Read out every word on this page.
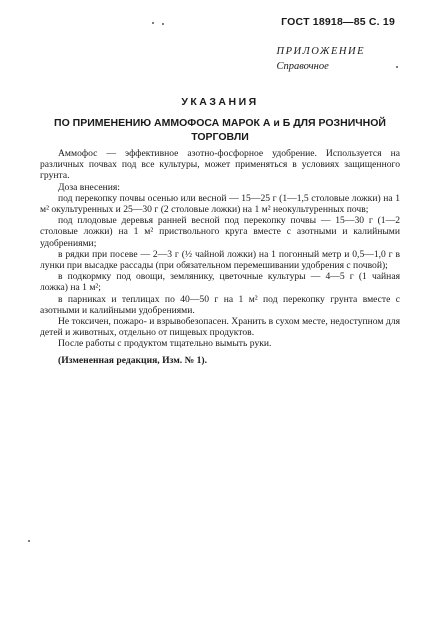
ГОСТ 18918—85 С. 19
ПРИЛОЖЕНИЕ
Справочное
УКАЗАНИЯ
ПО ПРИМЕНЕНИЮ АММОФОСА МАРОК А и Б ДЛЯ РОЗНИЧНОЙ ТОРГОВЛИ

Аммофос — эффективное азотно-фосфорное удобрение. Используется на различных почвах под все культуры, может применяться в условиях защищенного грунта.

Доза внесения:

под перекопку почвы осенью или весной — 15—25 г (1—1,5 столовые ложки) на 1 м² окультуренных и 25—30 г (2 столовые ложки) на 1 м² неокультуренных почв;

под плодовые деревья ранней весной под перекопку почвы — 15—30 г (1—2 столовые ложки) на 1 м² приствольного круга вместе с азотными и калийными удобрениями;

в рядки при посеве — 2—3 г (½ чайной ложки) на 1 погонный метр и 0,5—1,0 г в лунки при высадке рассады (при обязательном перемешивании удобрения с почвой);

в подкормку под овощи, землянику, цветочные культуры — 4—5 г (1 чайная ложка) на 1 м²;

в парниках и теплицах по 40—50 г на 1 м² под перекопку грунта вместе с азотными и калийными удобрениями.

Не токсичен, пожаро- и взрывобезопасен. Хранить в сухом месте, недоступном для детей и животных, отдельно от пищевых продуктов.

После работы с продуктом тщательно вымыть руки.

(Измененная редакция, Изм. № 1).
